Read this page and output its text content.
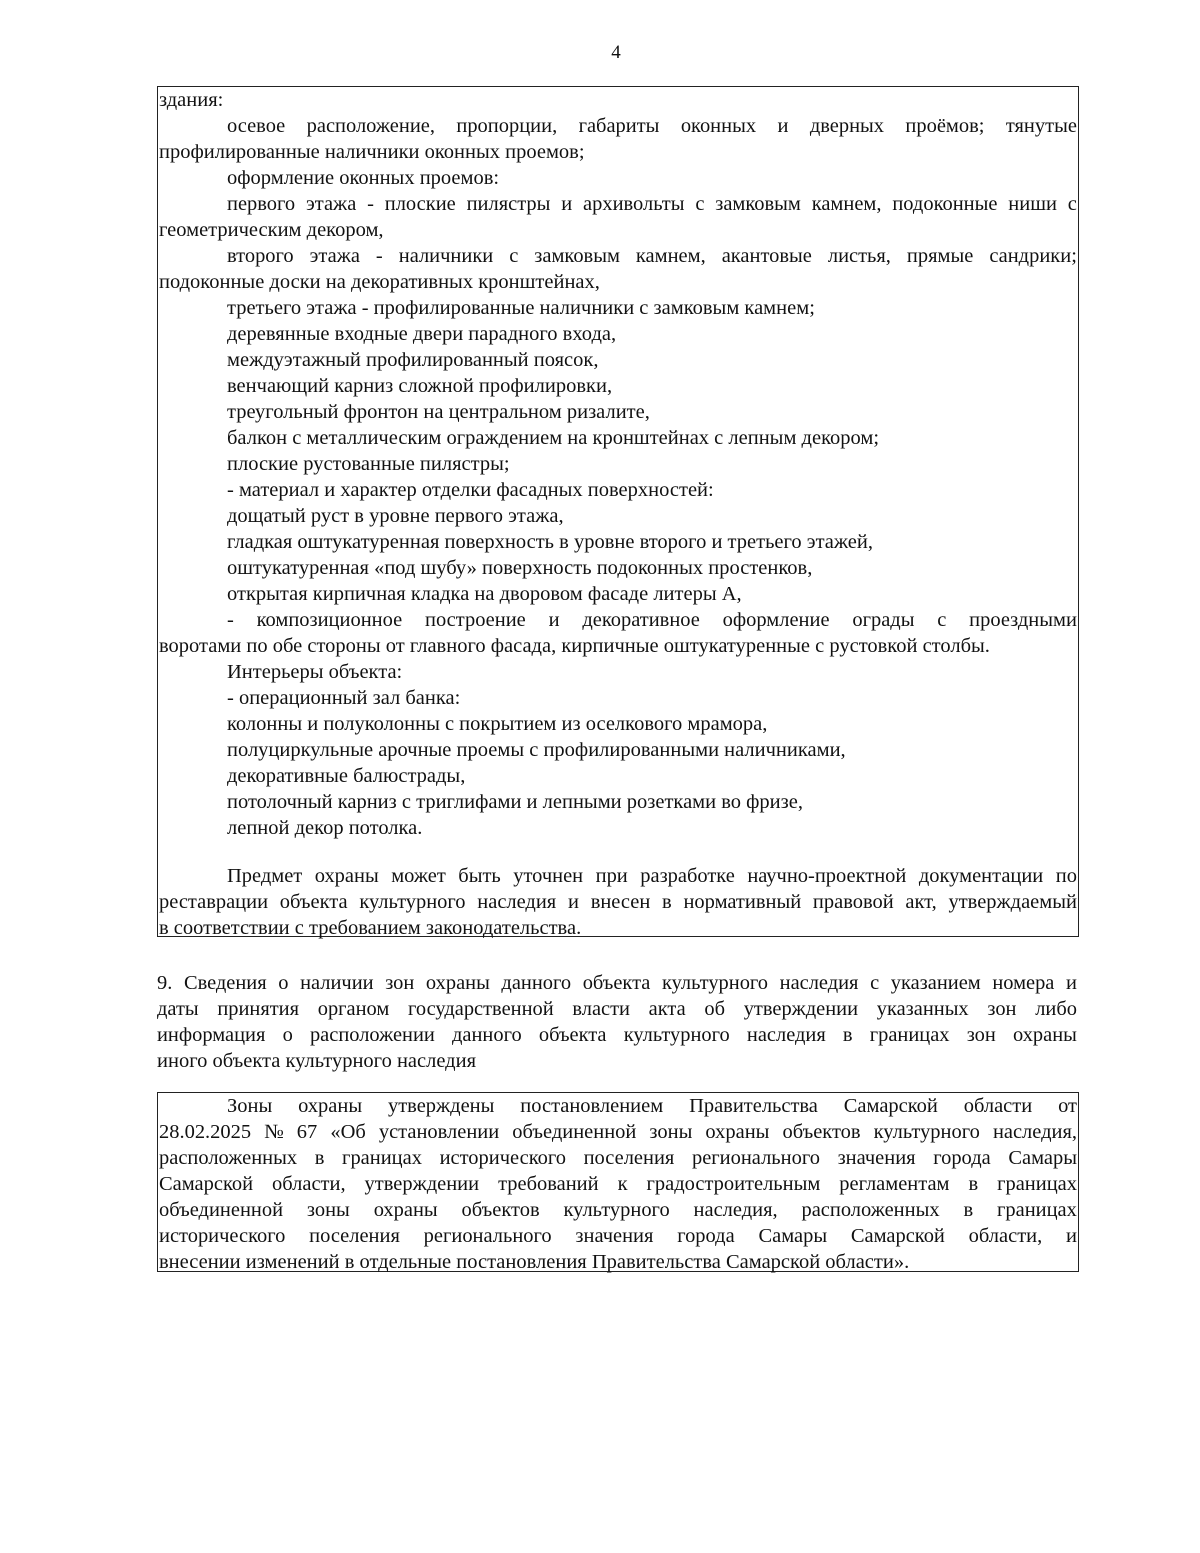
4
здания:
осевое расположение, пропорции, габариты оконных и дверных проёмов; тянутые
профилированные наличники оконных проемов;
оформление оконных проемов:
первого этажа - плоские пилястры и архивольты с замковым камнем, подоконные ниши с
геометрическим декором,
второго этажа - наличники с замковым камнем, акантовые листья, прямые сандрики;
подоконные доски на декоративных кронштейнах,
третьего этажа - профилированные наличники с замковым камнем;
деревянные входные двери парадного входа,
междуэтажный профилированный поясок,
венчающий карниз сложной профилировки,
треугольный фронтон на центральном ризалите,
балкон с металлическим ограждением на кронштейнах с лепным декором;
плоские рустованные пилястры;
- материал и характер отделки фасадных поверхностей:
дощатый руст в уровне первого этажа,
гладкая оштукатуренная поверхность в уровне второго и третьего этажей,
оштукатуренная «под шубу» поверхность подоконных простенков,
открытая кирпичная кладка на дворовом фасаде литеры А,
- композиционное построение и декоративное оформление ограды с проездными
воротами по обе стороны от главного фасада, кирпичные оштукатуренные с рустовкой столбы.
Интерьеры объекта:
- операционный зал банка:
колонны и полуколонны с покрытием из оселкового мрамора,
полуциркульные арочные проемы с профилированными наличниками,
декоративные балюстрады,
потолочный карниз с триглифами и лепными розетками во фризе,
лепной декор потолка.
Предмет охраны может быть уточнен при разработке научно-проектной документации по
реставрации объекта культурного наследия и внесен в нормативный правовой акт, утверждаемый
в соответствии с требованием законодательства.
9. Сведения о наличии зон охраны данного объекта культурного наследия с указанием номера и
даты принятия органом государственной власти акта об утверждении указанных зон либо
информация о расположении данного объекта культурного наследия в границах зон охраны
иного объекта культурного наследия
Зоны охраны утверждены постановлением Правительства Самарской области от
28.02.2025 № 67 «Об установлении объединенной зоны охраны объектов культурного наследия,
расположенных в границах исторического поселения регионального значения города Самары
Самарской области, утверждении требований к градостроительным регламентам в границах
объединенной зоны охраны объектов культурного наследия, расположенных в границах
исторического поселения регионального значения города Самары Самарской области, и
внесении изменений в отдельные постановления Правительства Самарской области».
